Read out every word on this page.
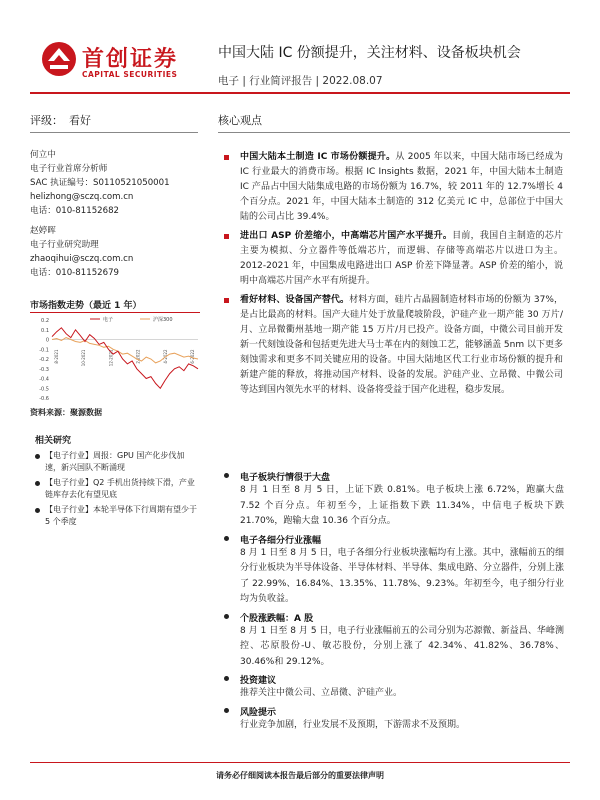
首创证券
CAPITAL SECURITIES
中国大陆 IC 份额提升，关注材料、设备板块机会
电子 | 行业简评报告 | 2022.08.07
评级： 看好	核心观点
何立中
电子行业首席分析师
SAC 执证编号：S0110521050001
helizhong@sczq.com.cn
电话：010-81152682
赵婷晖
电子行业研究助理
zhaoqihui@sczq.com.cn
电话：010-81152679
市场指数走势（最近 1 年）
0.2
0.1
0
-0.1
-0.2
-0.3
-0.4
-0.5
-0.6
8-2021	10-2021	12-2021	2-2022	4-2022	6-2022
电子	沪深300
资料来源：聚源数据
相关研究
【电子行业】周报：GPU 国产化步伐加速，新兴国队不断涌现
【电子行业】Q2 手机出货持续下滑，产业链库存去化有望见底
【电子行业】本轮半导体下行周期有望少于 5 个季度
中国大陆本土制造 IC 市场份额提升。从 2005 年以来，中国大陆市场已经成为 IC 行业最大的消费市场。根据 IC Insights 数据，2021 年，中国大陆本土制造 IC 产品占中国大陆集成电路的市场份额为 16.7%，较 2011 年的 12.7%增长 4 个百分点。2021 年，中国大陆本土制造的 312 亿美元 IC 中，总部位于中国大陆的公司占比 39.4%。
进出口 ASP 价差缩小，中高端芯片国产水平提升。目前，我国自主制造的芯片主要为模拟、分立器件等低端芯片，而逻辑、存储等高端芯片以进口为主。2012-2021 年，中国集成电路进出口 ASP 价差下降显著。ASP 价差的缩小，说明中高端芯片国产水平有所提升。
看好材料、设备国产替代。材料方面，硅片占晶圆制造材料市场的份额为 37%，是占比最高的材料。国产大硅片处于放量爬坡阶段，沪硅产业一期产能 30 万片/月、立昂微衢州基地一期产能 15 万片/月已投产。设备方面，中微公司目前开发新一代刻蚀设备和包括更先进大马士革在内的刻蚀工艺，能够涵盖 5nm 以下更多刻蚀需求和更多不同关键应用的设备。中国大陆地区代工行业市场份额的提升和新建产能的释放，将推动国产材料、设备的发展。沪硅产业、立昂微、中微公司等达到国内领先水平的材料、设备将受益于国产化进程，稳步发展。
电子板块行情很于大盘
8 月 1 日至 8 月 5 日，上证下跌 0.81%。电子板块上涨 6.72%，跑赢大盘 7.52 个百分点。年初至今，上证指数下跌 11.34%，中信电子板块下跌 21.70%，跑输大盘 10.36 个百分点。
电子各细分行业涨幅
8 月 1 日至 8 月 5 日，电子各细分行业板块涨幅均有上涨。其中，涨幅前五的细分行业板块为半导体设备、半导体材料、半导体、集成电路、分立器件，分别上涨了 22.99%、16.84%、13.35%、11.78%、9.23%。年初至今，电子细分行业均为负收益。
个股涨跌幅：A 股
8 月 1 日至 8 月 5 日，电子行业涨幅前五的公司分别为芯源微、新益昌、华峰测控、芯原股份-U、敏芯股份，分别上涨了 42.34%、41.82%、36.78%、30.46%和 29.12%。
投资建议
推荐关注中微公司、立昂微、沪硅产业。
风险提示
行业竞争加剧，行业发展不及预期，下游需求不及预期。
请务必仔细阅读本报告最后部分的重要法律声明
